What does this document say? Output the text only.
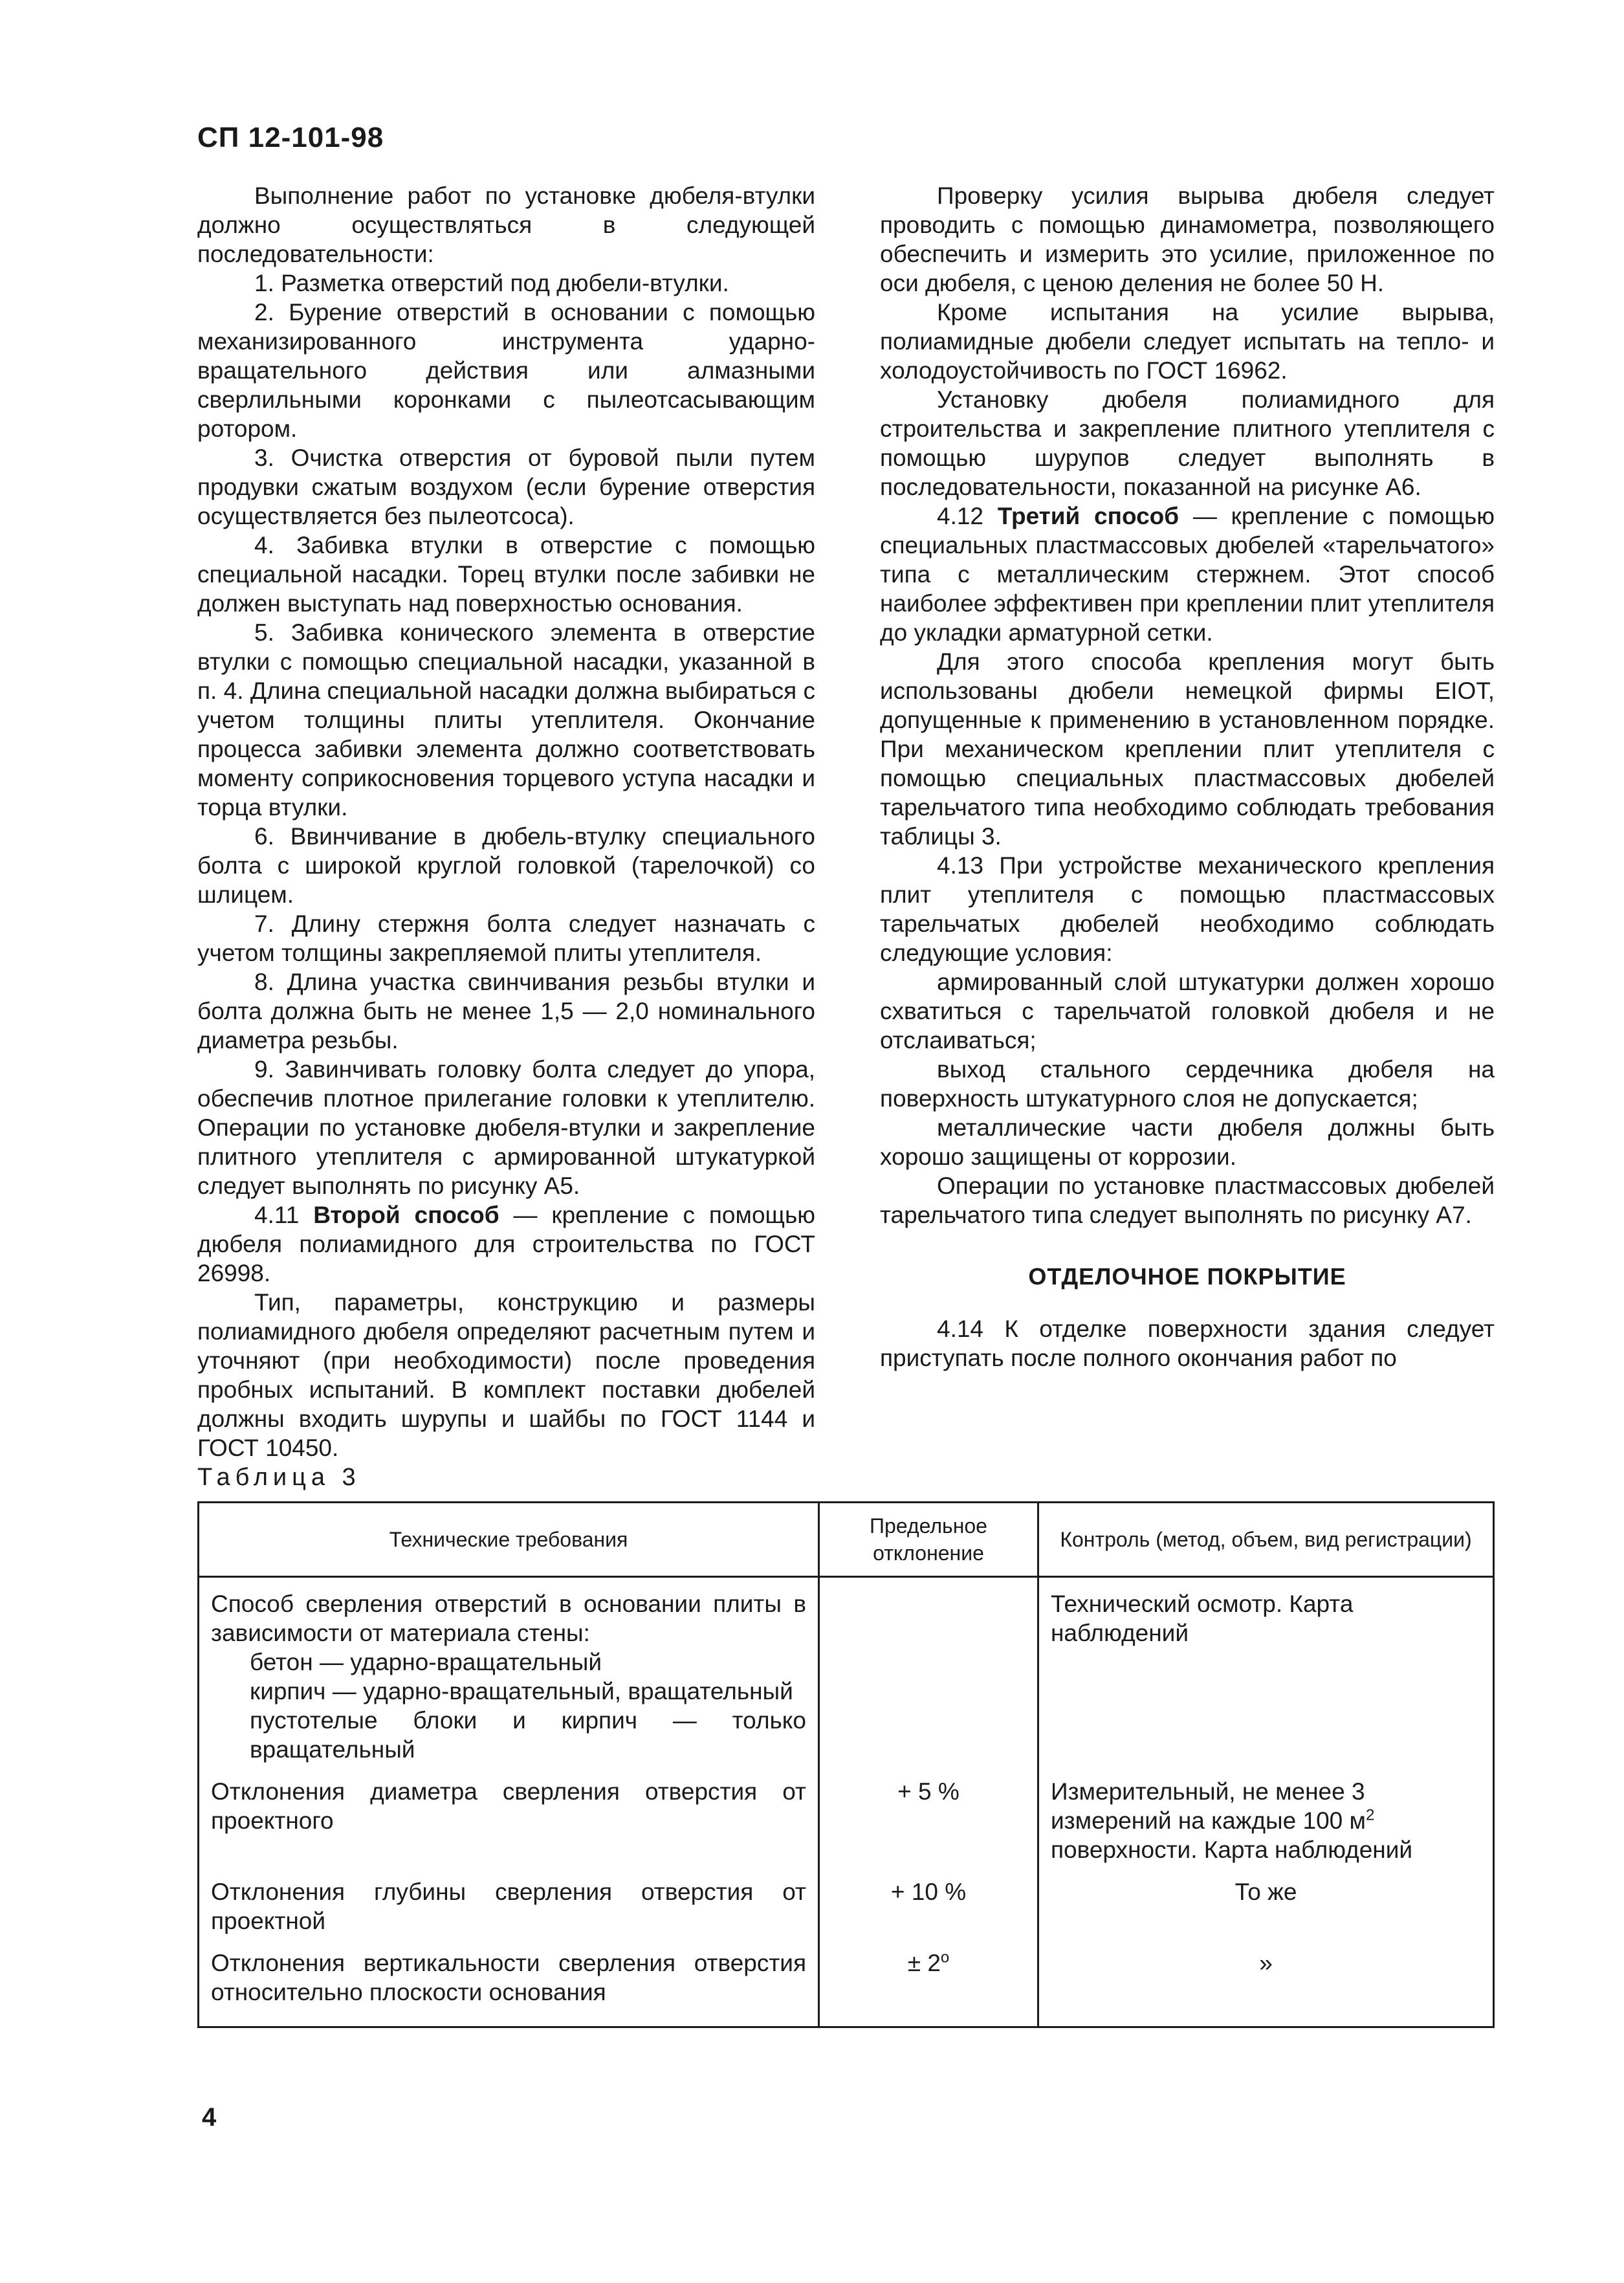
СП 12-101-98

Выполнение работ по установке дюбеля-втулки должно осуществляться в следующей последовательности:

1. Разметка отверстий под дюбели-втулки.

2. Бурение отверстий в основании с помощью механизированного инструмента ударно-вращательного действия или алмазными сверлильными коронками с пылеотсасывающим ротором.

3. Очистка отверстия от буровой пыли путем продувки сжатым воздухом (если бурение отверстия осуществляется без пылеотсоса).

4. Забивка втулки в отверстие с помощью специальной насадки. Торец втулки после забивки не должен выступать над поверхностью основания.

5. Забивка конического элемента в отверстие втулки с помощью специальной насадки, указанной в п. 4. Длина специальной насадки должна выбираться с учетом толщины плиты утеплителя. Окончание процесса забивки элемента должно соответствовать моменту соприкосновения торцевого уступа насадки и торца втулки.

6. Ввинчивание в дюбель-втулку специального болта с широкой круглой головкой (тарелочкой) со шлицем.

7. Длину стержня болта следует назначать с учетом толщины закрепляемой плиты утеплителя.

8. Длина участка свинчивания резьбы втулки и болта должна быть не менее 1,5 — 2,0 номинального диаметра резьбы.

9. Завинчивать головку болта следует до упора, обеспечив плотное прилегание головки к утеплителю. Операции по установке дюбеля-втулки и закрепление плитного утеплителя с армированной штукатуркой следует выполнять по рисунку А5.

4.11 Второй способ — крепление с помощью дюбеля полиамидного для строительства по ГОСТ 26998.

Тип, параметры, конструкцию и размеры полиамидного дюбеля определяют расчетным путем и уточняют (при необходимости) после проведения пробных испытаний. В комплект поставки дюбелей должны входить шурупы и шайбы по ГОСТ 1144 и ГОСТ 10450.

Проверку усилия вырыва дюбеля следует проводить с помощью динамометра, позволяющего обеспечить и измерить это усилие, приложенное по оси дюбеля, с ценою деления не более 50 Н.

Кроме испытания на усилие вырыва, полиамидные дюбели следует испытать на тепло- и холодоустойчивость по ГОСТ 16962.

Установку дюбеля полиамидного для строительства и закрепление плитного утеплителя с помощью шурупов следует выполнять в последовательности, показанной на рисунке А6.

4.12 Третий способ — крепление с помощью специальных пластмассовых дюбелей «тарельчатого» типа с металлическим стержнем. Этот способ наиболее эффективен при креплении плит утеплителя до укладки арматурной сетки.

Для этого способа крепления могут быть использованы дюбели немецкой фирмы EIOT, допущенные к применению в установленном порядке. При механическом креплении плит утеплителя с помощью специальных пластмассовых дюбелей тарельчатого типа необходимо соблюдать требования таблицы 3.

4.13 При устройстве механического крепления плит утеплителя с помощью пластмассовых тарельчатых дюбелей необходимо соблюдать следующие условия:

армированный слой штукатурки должен хорошо схватиться с тарельчатой головкой дюбеля и не отслаиваться;

выход стального сердечника дюбеля на поверхность штукатурного слоя не допускается;

металлические части дюбеля должны быть хорошо защищены от коррозии.

Операции по установке пластмассовых дюбелей тарельчатого типа следует выполнять по рисунку А7.

ОТДЕЛОЧНОЕ ПОКРЫТИЕ

4.14 К отделке поверхности здания следует приступать после полного окончания работ по

Таблица 3
Технические требования	Предельное отклонение	Контроль (метод, объем, вид регистрации)

Способ сверления отверстий в основании плиты в зависимости от материала стены:
бетон — ударно-вращательный
кирпич — ударно-вращательный, вращательный
пустотелые блоки и кирпич — только вращательный		Технический осмотр. Карта наблюдений
Отклонения диаметра сверления отверстия от проектного	+ 5 %	Измерительный, не менее 3 измерений на каждые 100 $м^2$ поверхности. Карта наблюдений
Отклонения глубины сверления отверстия от проектной	+ 10 %	То же
Отклонения вертикальности сверления отверстия относительно плоскости основания	± $2^о$	»
4
